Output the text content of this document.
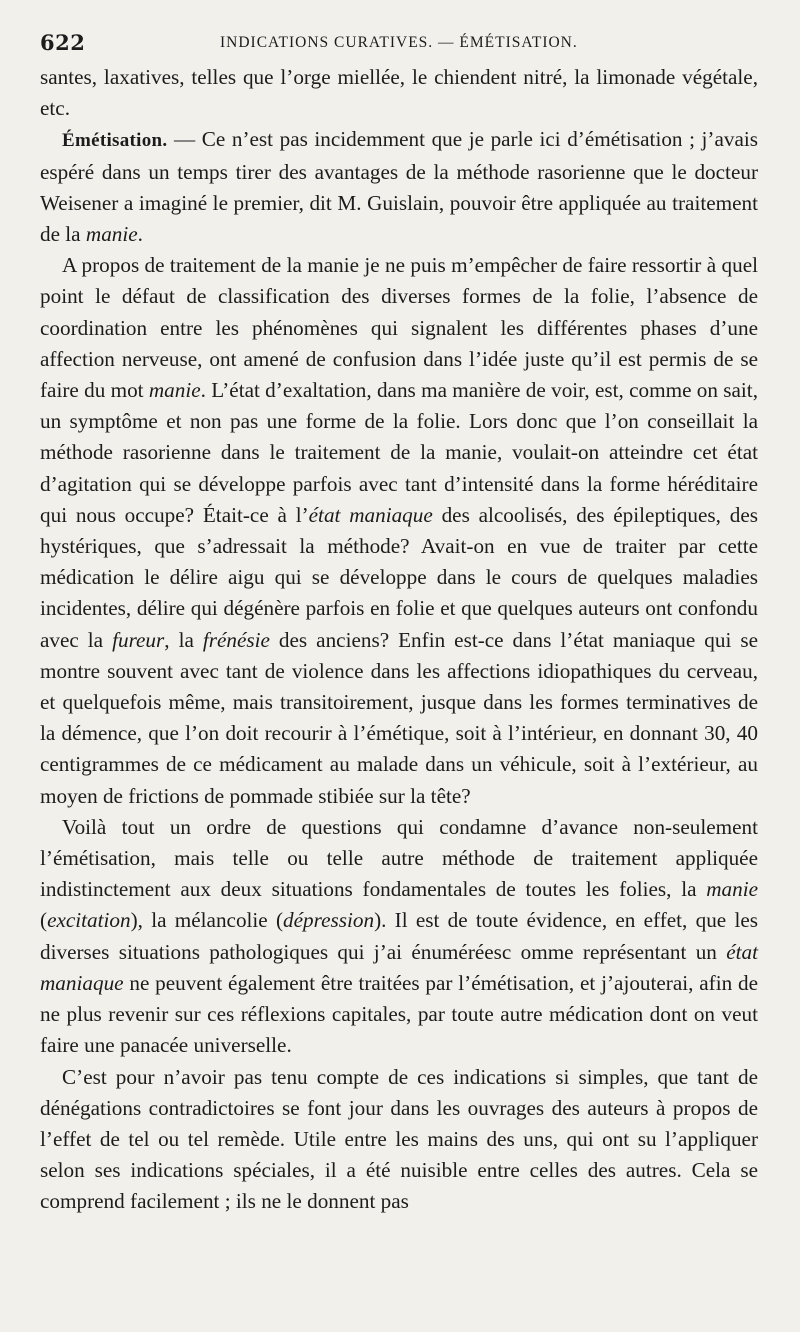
622	INDICATIONS CURATIVES. — ÉMÉTISATION.

santes, laxatives, telles que l’orge miellée, le chiendent nitré, la limonade végétale, etc.

Émétisation. — Ce n’est pas incidemment que je parle ici d’émétisation ; j’avais espéré dans un temps tirer des avantages de la méthode rasorienne que le docteur Weisener a imaginé le premier, dit M. Guislain, pouvoir être appliquée au traitement de la manie.

A propos de traitement de la manie je ne puis m’empêcher de faire ressortir à quel point le défaut de classification des diverses formes de la folie, l’absence de coordination entre les phénomènes qui signalent les différentes phases d’une affection nerveuse, ont amené de confusion dans l’idée juste qu’il est permis de se faire du mot manie. L’état d’exaltation, dans ma manière de voir, est, comme on sait, un symptôme et non pas une forme de la folie. Lors donc que l’on conseillait la méthode rasorienne dans le traitement de la manie, voulait-on atteindre cet état d’agitation qui se développe parfois avec tant d’intensité dans la forme héréditaire qui nous occupe? Était-ce à l’état maniaque des alcoolisés, des épileptiques, des hystériques, que s’adressait la méthode? Avait-on en vue de traiter par cette médication le délire aigu qui se développe dans le cours de quelques maladies incidentes, délire qui dégénère parfois en folie et que quelques auteurs ont confondu avec la fureur, la frénésie des anciens? Enfin est-ce dans l’état maniaque qui se montre souvent avec tant de violence dans les affections idiopathiques du cerveau, et quelquefois même, mais transitoirement, jusque dans les formes terminatives de la démence, que l’on doit recourir à l’émétique, soit à l’intérieur, en donnant 30, 40 centigrammes de ce médicament au malade dans un véhicule, soit à l’extérieur, au moyen de frictions de pommade stibiée sur la tête?

Voilà tout un ordre de questions qui condamne d’avance non-seulement l’émétisation, mais telle ou telle autre méthode de traitement appliquée indistinctement aux deux situations fondamentales de toutes les folies, la manie (excitation), la mélancolie (dépression). Il est de toute évidence, en effet, que les diverses situations pathologiques qui j’ai énuméréesc omme représentant un état maniaque ne peuvent également être traitées par l’émétisation, et j’ajouterai, afin de ne plus revenir sur ces réflexions capitales, par toute autre médication dont on veut faire une panacée universelle.

C’est pour n’avoir pas tenu compte de ces indications si simples, que tant de dénégations contradictoires se font jour dans les ouvrages des auteurs à propos de l’effet de tel ou tel remède. Utile entre les mains des uns, qui ont su l’appliquer selon ses indications spéciales, il a été nuisible entre celles des autres. Cela se comprend facilement ; ils ne le donnent pas
